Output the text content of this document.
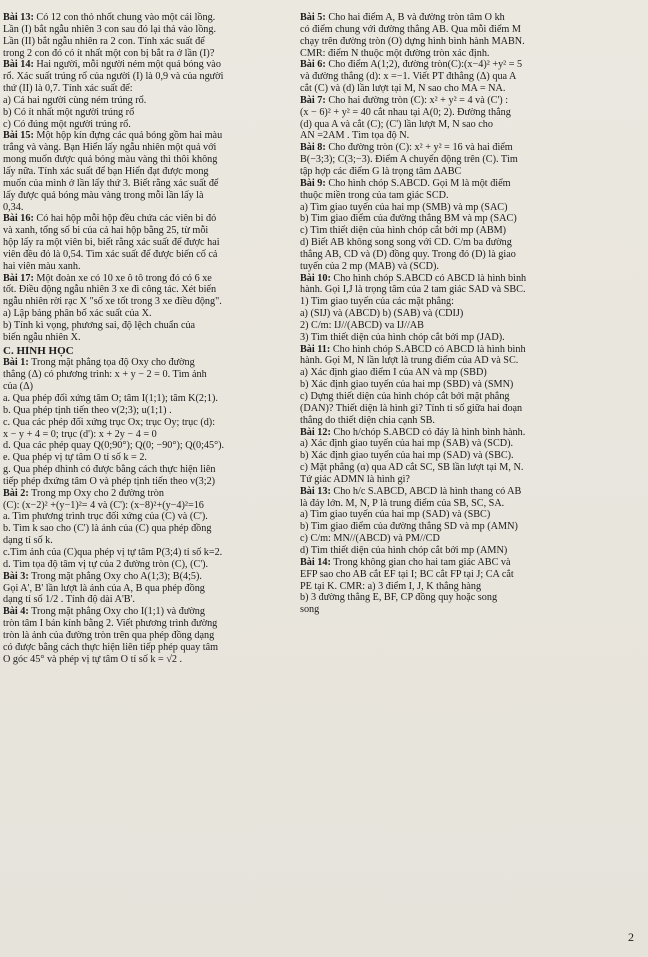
Bài 13: Có 12 con thỏ nhốt chung vào một cái lồng.
Lần (I) bắt ngẫu nhiên 3 con sau đó lại thả vào lồng.
Lần (II) bắt ngẫu nhiên ra 2 con. Tính xác suất để
trong 2 con đó có ít nhất một con bị bắt ra ở lần (I)?
Bài 14: Hai người, mỗi người ném một quả bóng vào
rổ. Xác suất trúng rổ của người (I) là 0,9 và của người
thứ (II) là 0,7. Tính xác suất để:
a) Cả hai người cùng ném trúng rổ.
b) Có ít nhất một người trúng rổ
c) Có đúng một người trúng rổ.
Bài 15: Một hộp kín đựng các quả bóng gồm hai màu
trắng và vàng. Bạn Hiển lấy ngẫu nhiên một quả với
mong muốn được quả bóng màu vàng thì thôi không
lấy nữa. Tính xác suất để bạn Hiển đạt được mong
muốn của mình ở lần lấy thứ 3. Biết rằng xác suất để
lấy được quả bóng màu vàng trong mỗi lần lấy là
0,34.
Bài 16: Có hai hộp mỗi hộp đều chứa các viên bi đỏ
và xanh, tổng số bi của cả hai hộp bằng 25, từ mỗi
hộp lấy ra một viên bi, biết rằng xác suất để được hai
viên đều đỏ là 0,54. Tìm xác suất để được biến cố cả
hai viên màu xanh.
Bài 17: Một đoàn xe có 10 xe ô tô trong đó có 6 xe
tốt. Điều động ngẫu nhiên 3 xe đi công tác. Xét biến
ngẫu nhiên rời rạc X "số xe tốt trong 3 xe điều động".
a) Lập bảng phân bố xác suất của X.
b) Tính kì vọng, phương sai, độ lệch chuẩn của
biến ngẫu nhiên X.
C. HÌNH HỌC
Bài 1: Trong mặt phẳng tọa độ Oxy cho đường
thẳng (Δ) có phương trình: x + y − 2 = 0. Tìm ảnh
của (Δ)
a. Qua phép đối xứng tâm O; tâm I(1;1); tâm K(2;1).
b. Qua phép tịnh tiến theo v(2;3); u(1;1) .
c. Qua các phép đối xứng trục Ox; trục Oy; trục (d):
x − y + 4 = 0; trục (d'): x + 2y − 4 = 0
d. Qua các phép quay Q(0;90°); Q(0; −90°); Q(0;45°).
e. Qua phép vị tự tâm O tỉ số k = 2.
g. Qua phép dhình có được bằng cách thực hiện liên
tiếp phép đxứng tâm O và phép tịnh tiến theo v(3;2)
Bài 2: Trong mp Oxy cho 2 đường tròn
(C): (x−2)² +(y−1)²= 4 và (C'): (x−8)²+(y−4)²=16
a. Tìm phương trình trục đối xứng của (C) và (C').
b. Tìm k sao cho (C') là ảnh của (C) qua phép đồng
dạng tỉ số k.
c.Tìm ảnh của (C)qua phép vị tự tâm P(3;4) tỉ số k=2.
d. Tìm tọa độ tâm vị tự của 2 đường tròn (C), (C').
Bài 3: Trong mặt phẳng Oxy cho A(1;3); B(4;5).
Gọi A', B' lần lượt là ảnh của A, B qua phép đồng
dạng tỉ số 1/2 . Tính độ dài A'B'.
Bài 4: Trong mặt phẳng Oxy cho I(1;1) và đường
tròn tâm I bán kính bằng 2. Viết phương trình đường
tròn là ảnh của đường tròn trên qua phép đồng dạng
có được bằng cách thực hiện liên tiếp phép quay tâm
O góc 45° và phép vị tự tâm O tỉ số k = √2 .
Bài 5: Cho hai điểm A, B và đường tròn tâm O kh
có điểm chung với đường thẳng AB. Qua mỗi điểm M
chạy trên đường tròn (O) dựng hình bình hành MABN.
CMR: điểm N thuộc một đường tròn xác định.
Bài 6: Cho điểm A(1;2), đường tròn(C):(x−4)² +y² = 5
và đường thẳng (d): x =−1. Viết PT đthẳng (Δ) qua A
cắt (C) và (d) lần lượt tại M, N sao cho MA = NA.
Bài 7: Cho hai đường tròn (C): x² + y² = 4 và (C') :
(x − 6)² + y² = 40 cắt nhau tại A(0; 2). Đường thẳng
(d) qua A và cắt (C); (C') lần lượt M, N sao cho
AN =2AM . Tìm tọa độ N.
Bài 8: Cho đường tròn (C): x² + y² = 16 và hai điểm
B(−3;3); C(3;−3). Điểm A chuyển động trên (C). Tìm
tập hợp các điểm G là trọng tâm ΔABC
Bài 9: Cho hình chóp S.ABCD. Gọi M là một điểm
thuộc miền trong của tam giác SCD.
a) Tìm giao tuyến của hai mp (SMB) và mp (SAC)
b) Tìm giao điểm của đường thẳng BM và mp (SAC)
c) Tìm thiết diện của hình chóp cắt bởi mp (ABM)
d) Biết AB không song song với CD. C/m ba đường
thẳng AB, CD và (D) đồng quy. Trong đó (D) là giao
tuyến của 2 mp (MAB) và (SCD).
Bài 10: Cho hình chóp S.ABCD có ABCD là hình bình
hành. Gọi I,J là trọng tâm của 2 tam giác SAD và SBC.
1) Tìm giao tuyến của các mặt phẳng:
a) (SIJ) và (ABCD) b) (SAB) và (CDIJ)
2) C/m: IJ//(ABCD) va IJ//AB
3) Tìm thiết diện của hình chóp cắt bởi mp (JAD).
Bài 11: Cho hình chóp S.ABCD có ABCD là hình bình
hành. Gọi M, N lần lượt là trung điểm của AD và SC.
a) Xác định giao điểm I của AN và mp (SBD)
b) Xác định giao tuyến của hai mp (SBD) và (SMN)
c) Dựng thiết diện của hình chóp cắt bởi mặt phẳng
(DAN)? Thiết diện là hình gì? Tính tỉ số giữa hai đoạn
thẳng do thiết diện chia cạnh SB.
Bài 12: Cho h/chóp S.ABCD có đáy là hình bình hành.
a) Xác định giao tuyến của hai mp (SAB) và (SCD).
b) Xác định giao tuyến của hai mp (SAD) và (SBC).
c) Mặt phẳng (α) qua AD cắt SC, SB lần lượt tại M, N.
Tứ giác ADMN là hình gì?
Bài 13: Cho h/c S.ABCD, ABCD là hình thang có AB
là đáy lớn. M, N, P là trung điểm của SB, SC, SA.
a) Tìm giao tuyến của hai mp (SAD) và (SBC)
b) Tìm giao điểm của đường thẳng SD và mp (AMN)
c) C/m: MN//(ABCD) và PM//CD
d) Tìm thiết diện của hình chóp cắt bởi mp (AMN)
Bài 14: Trong không gian cho hai tam giác ABC và
EFP sao cho AB cắt EF tại I; BC cắt FP tại J; CA cắt
PE tại K. CMR: a) 3 điểm I, J, K thẳng hàng
b) 3 đường thẳng E, BF, CP đồng quy hoặc song
song
2
